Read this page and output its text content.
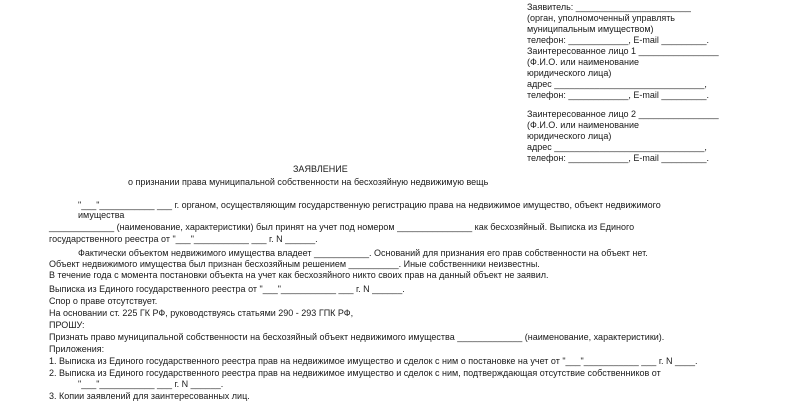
Заявитель: _______________________
(орган, уполномоченный управлять
муниципальным имуществом)
телефон: ____________, E-mail _________.
Заинтересованное лицо 1 ________________
(Ф.И.О. или наименование
юридического лица)
адрес ______________________________,
телефон: ____________, E-mail _________.
Заинтересованное лицо 2 ________________
(Ф.И.О. или наименование
юридического лица)
адрес ______________________________,
телефон: ____________, E-mail _________.
ЗАЯВЛЕНИЕ
о признании права муниципальной собственности на бесхозяйную недвижимую вещь
"___"___________ ___ г. органом, осуществляющим государственную регистрацию права на недвижимое имущество, объект недвижимого
имущества
_____________ (наименование, характеристики) был принят на учет под номером _______________ как бесхозяйный. Выписка из Единого
государственного реестра от "___"___________ ___ г. N ______.
Фактически объектом недвижимого имущества владеет ___________. Оснований для признания его прав собственности на объект нет.
Объект недвижимого имущества был признан бесхозяйным решением __________. Иные собственники неизвестны.
В течение года с момента постановки объекта на учет как бесхозяйного никто своих прав на данный объект не заявил.
Выписка из Единого государственного реестра от "___"___________ ___ г. N ______.
Спор о праве отсутствует.
На основании ст. 225 ГК РФ, руководствуясь статьями 290 - 293 ГПК РФ,
ПРОШУ:
Признать право муниципальной собственности на бесхозяйный объект недвижимого имущества _____________ (наименование, характеристики).
Приложения:
1. Выписка из Единого государственного реестра прав на недвижимое имущество и сделок с ним о постановке на учет от "___"___________ ___ г. N ____.
2. Выписка из Единого государственного реестра прав на недвижимое имущество и сделок с ним, подтверждающая отсутствие собственников от
"___"___________ ___ г. N ______.
3. Копии заявлений для заинтересованных лиц.
